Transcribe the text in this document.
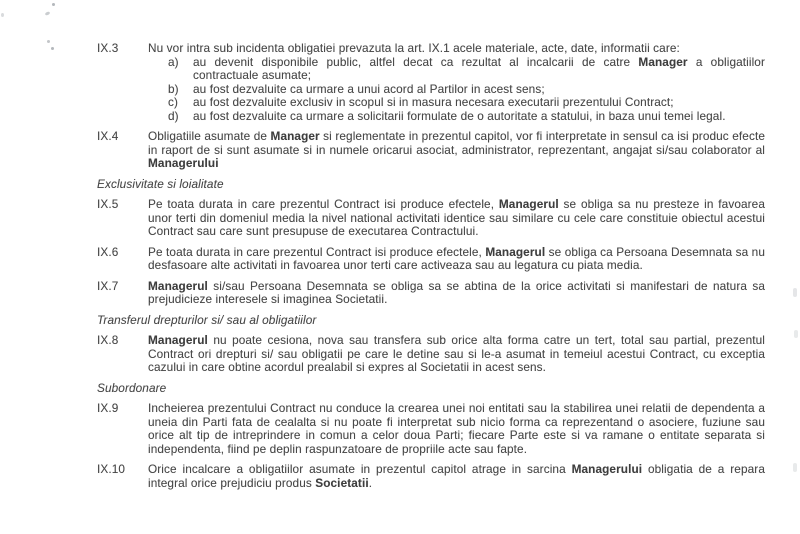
IX.3	Nu vor intra sub incidenta obligatiei prevazuta la art. IX.1 acele materiale, acte, date, informatii care:
a)	au devenit disponibile public, altfel decat ca rezultat al incalcarii de catre Manager a obligatiilor contractuale asumate;
b)	au fost dezvaluite ca urmare a unui acord al Partilor in acest sens;
c)	au fost dezvaluite exclusiv in scopul si in masura necesara executarii prezentului Contract;
d)	au fost dezvaluite ca urmare a solicitarii formulate de o autoritate a statului, in baza unui temei legal.
IX.4	Obligatiile asumate de Manager si reglementate in prezentul capitol, vor fi interpretate in sensul ca isi produc efecte in raport de si sunt asumate si in numele oricarui asociat, administrator, reprezentant, angajat si/sau colaborator al Managerului
Exclusivitate si loialitate
IX.5	Pe toata durata in care prezentul Contract isi produce efectele, Managerul se obliga sa nu presteze in favoarea unor terti din domeniul media la nivel national activitati identice sau similare cu cele care constituie obiectul acestui Contract sau care sunt presupuse de executarea Contractului.
IX.6	Pe toata durata in care prezentul Contract isi produce efectele, Managerul se obliga ca Persoana Desemnata sa nu desfasoare alte activitati in favoarea unor terti care activeaza sau au legatura cu piata media.
IX.7	Managerul si/sau Persoana Desemnata se obliga sa se abtina de la orice activitati si manifestari de natura sa prejudicieze interesele si imaginea Societatii.
Transferul drepturilor si/ sau al obligatiilor
IX.8	Managerul nu poate cesiona, nova sau transfera sub orice alta forma catre un tert, total sau partial, prezentul Contract ori drepturi si/ sau obligatii pe care le detine sau si le-a asumat in temeiul acestui Contract, cu exceptia cazului in care obtine acordul prealabil si expres al Societatii in acest sens.
Subordonare
IX.9	Incheierea prezentului Contract nu conduce la crearea unei noi entitati sau la stabilirea unei relatii de dependenta a uneia din Parti fata de cealalta si nu poate fi interpretat sub nicio forma ca reprezentand o asociere, fuziune sau orice alt tip de intreprindere in comun a celor doua Parti; fiecare Parte este si va ramane o entitate separata si independenta, fiind pe deplin raspunzatoare de propriile acte sau fapte.
IX.10	Orice incalcare a obligatiilor asumate in prezentul capitol atrage in sarcina Managerului obligatia de a repara integral orice prejudiciu produs Societatii.
